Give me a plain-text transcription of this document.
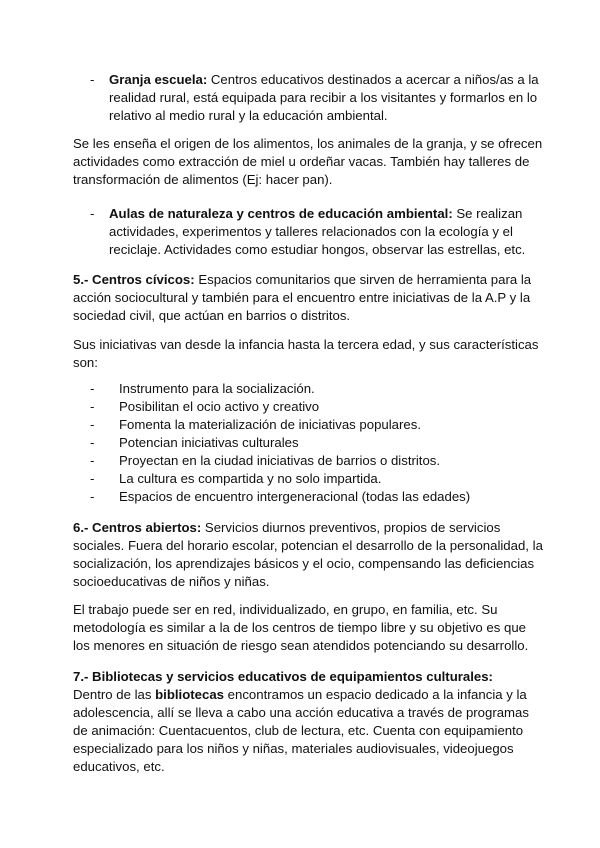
- Granja escuela: Centros educativos destinados a acercar a niños/as a la realidad rural, está equipada para recibir a los visitantes y formarlos en lo relativo al medio rural y la educación ambiental.

Se les enseña el origen de los alimentos, los animales de la granja, y se ofrecen actividades como extracción de miel u ordeñar vacas. También hay talleres de transformación de alimentos (Ej: hacer pan).

- Aulas de naturaleza y centros de educación ambiental: Se realizan actividades, experimentos y talleres relacionados con la ecología y el reciclaje. Actividades como estudiar hongos, observar las estrellas, etc.

5.- Centros cívicos: Espacios comunitarios que sirven de herramienta para la acción sociocultural y también para el encuentro entre iniciativas de la A.P y la sociedad civil, que actúan en barrios o distritos.

Sus iniciativas van desde la infancia hasta la tercera edad, y sus características son:

- Instrumento para la socialización.
- Posibilitan el ocio activo y creativo
- Fomenta la materialización de iniciativas populares.
- Potencian iniciativas culturales
- Proyectan en la ciudad iniciativas de barrios o distritos.
- La cultura es compartida y no solo impartida.
- Espacios de encuentro intergeneracional (todas las edades)

6.- Centros abiertos: Servicios diurnos preventivos, propios de servicios sociales. Fuera del horario escolar, potencian el desarrollo de la personalidad, la socialización, los aprendizajes básicos y el ocio, compensando las deficiencias socioeducativas de niños y niñas.

El trabajo puede ser en red, individualizado, en grupo, en familia, etc. Su metodología es similar a la de los centros de tiempo libre y su objetivo es que los menores en situación de riesgo sean atendidos potenciando su desarrollo.

7.- Bibliotecas y servicios educativos de equipamientos culturales:
Dentro de las bibliotecas encontramos un espacio dedicado a la infancia y la adolescencia, allí se lleva a cabo una acción educativa a través de programas de animación: Cuentacuentos, club de lectura, etc. Cuenta con equipamiento especializado para los niños y niñas, materiales audiovisuales, videojuegos educativos, etc.
